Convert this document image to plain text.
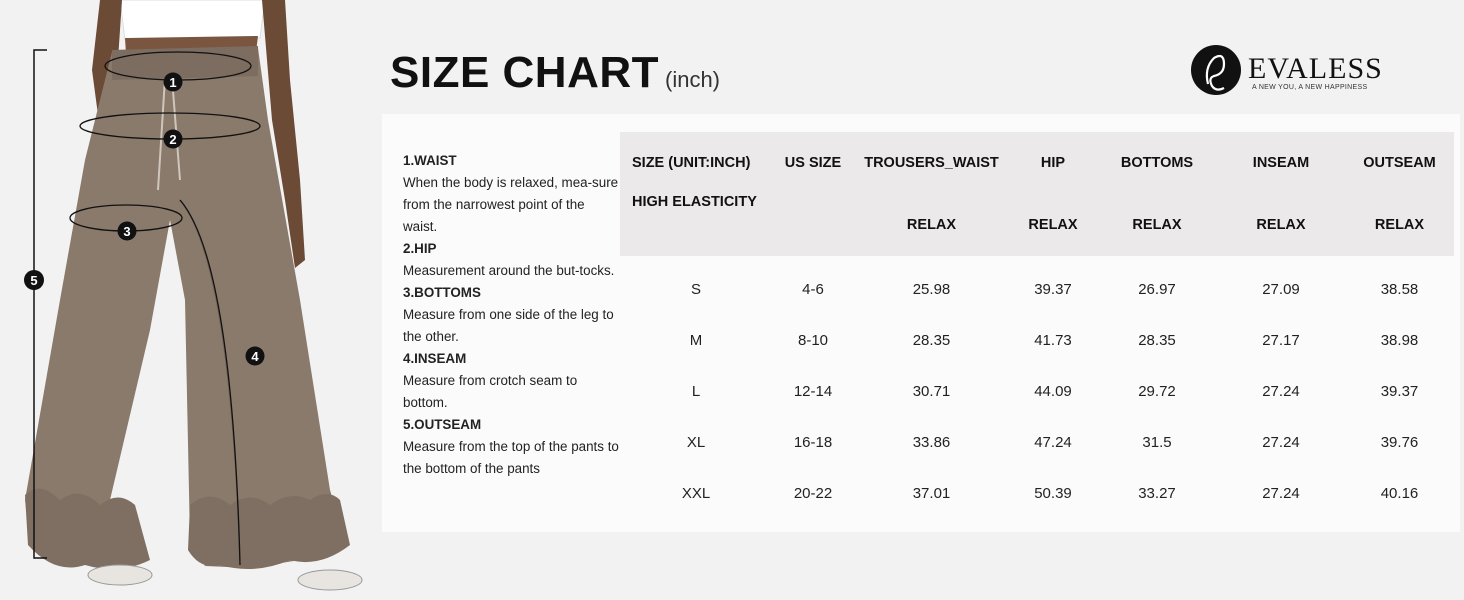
1
2
3
4
5
SIZE CHART (inch)	EVALESS
A NEW YOU, A NEW HAPPINESS
1.WAIST
When the body is relaxed, mea-sure from the narrowest point of the waist.
2.HIP
Measurement around the but-tocks.
3.BOTTOMS
Measure from one side of the leg to the other.
4.INSEAM
Measure from crotch seam to bottom.
5.OUTSEAM
Measure from the top of the pants to the bottom of the pants
SIZE (UNIT:INCH)	US SIZE	TROUSERS_WAIST	HIP	BOTTOMS	INSEAM	OUTSEAM
HIGH ELASTICITY		RELAX	RELAX	RELAX	RELAX	RELAX

S	4-6	25.98	39.37	26.97	27.09	38.58
M	8-10	28.35	41.73	28.35	27.17	38.98
L	12-14	30.71	44.09	29.72	27.24	39.37
XL	16-18	33.86	47.24	31.5	27.24	39.76
XXL	20-22	37.01	50.39	33.27	27.24	40.16
